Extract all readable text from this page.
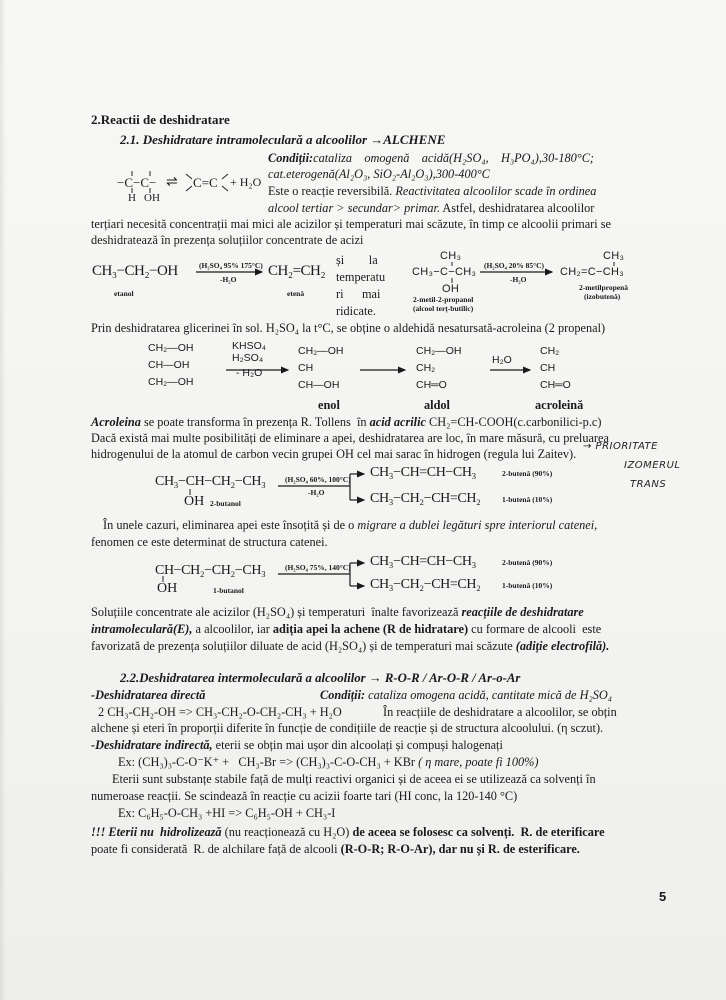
2.Reactii de deshidratare
2.1. Deshidratare intramoleculară a alcoolilor →ALCHENE
−C−C−
H OH
⇌ C=C + H₂O
Condiții:cataliza    omogenă    acidă(H₂SO₄,    H₃PO₄),30-180°C;
cat.eterogenă(Al₂O₃, SiO₂-Al₂O₃),300-400°C
Este o reacție reversibilă. Reactivitatea alcoolilor scade în ordinea
alcool tertiar > secundar> primar. Astfel, deshidratarea alcoolilor
terțiari necesită concentrații mai mici ale acizilor și temperaturi mai scăzute, în timp ce alcoolii primari se
deshidratează în prezența soluțiilor concentrate de acizi
CH₃−CH₂−OH
etanol
(H₂SO₄ 95% 175°C)
-H₂O
CH₂=CH₂
etenă
și        la
temperatu
ri      mai
ridicate.
CH₃
CH₃−C−CH₃
OH
2-metil-2-propanol
(alcool terț-butilic)
(H₂SO₄ 20% 85°C)
-H₂O
CH₃
CH₂=C−CH₃
2-metilpropenă
(izobutenă)
Prin deshidratarea glicerinei în sol. H₂SO₄ la t°C, se obține o aldehidă nesatursată-acroleina (2 propenal)
CH₂—OH
CH—OH
CH₂—OH
KHSO₄
H₂SO₄
- H₂O
CH₂—OH
CH
CH—OH
CH₂—OH
CH₂
CH═O
H₂O
CH₂
CH
CH═O
enol	aldol	acroleină
Acroleina se poate transforma în prezența R. Tollens  în acid acrilic CH₂=CH-COOH(c.carbonilici-p.c)
Dacă există mai multe posibilități de eliminare a apei, deshidratarea are loc, în mare măsură, cu preluarea
hidrogenului de la atomul de carbon vecin grupei OH cel mai sarac în hidrogen (regula lui Zaitev).
→ PRIORITATE
IZOMERUL
TRANS
CH₃−CH−CH₂−CH₃
OH 2-butanol
(H₂SO₄ 60%, 100°C)
-H₂O
CH₃−CH=CH−CH₃	2-butenă (90%)
CH₃−CH₂−CH=CH₂	1-butenă (10%)
În unele cazuri, eliminarea apei este însoțită și de o migrare a dublei legături spre interiorul catenei,
fenomen ce este determinat de structura catenei.
CH−CH₂−CH₂−CH₃
OH	1-butanol
(H₂SO₄ 75%, 140°C) CH₃−CH=CH−CH₃	2-butenă (90%)
CH₃−CH₂−CH=CH₂	1-butenă (10%)
Soluțiile concentrate ale acizilor (H₂SO₄) și temperaturi  înalte favorizează reacțiile de deshidratare
intramoleculară(E), a alcoolilor, iar adiția apei la achene (R de hidratare) cu formare de alcooli  este
favorizată de prezența soluțiilor diluate de acid (H₂SO₄) și de temperaturi mai scăzute (adiție electrofilă).
2.2.Deshidratarea intermoleculară a alcoolilor → R-O-R / Ar-O-R / Ar-o-Ar
-Deshidratarea directă	Condiții: cataliza omogena acidă, cantitate mică de H₂SO₄
2 CH₃-CH₂-OH => CH₃-CH₂-O-CH₂-CH₃ + H₂O	În reacțiile de deshidratare a alcoolilor, se obțin
alchene și eteri în proporții diferite în funcție de condițiile de reacție și de structura alcoolului. (η sczut).
-Deshidratare indirectă, eterii se obțin mai ușor din alcoolați și compuși halogenați
Ex: (CH₃)₃-C-O⁻K⁺ +   CH₃-Br => (CH₃)₃-C-O-CH₃ + KBr ( η mare, poate fi 100%)
Eterii sunt substanțe stabile față de mulți reactivi organici și de aceea ei se utilizează ca solvenți în
numeroase reacții. Se scindează în reacție cu acizii foarte tari (HI conc, la 120-140 °C)
Ex: C₆H₅-O-CH₃ +HI => C₆H₅-OH + CH₃-I
!!! Eterii nu  hidrolizează (nu reacționează cu H₂O) de aceea se folosesc ca solvenți.  R. de eterificare
poate fi considerată  R. de alchilare față de alcooli (R-O-R; R-O-Ar), dar nu și R. de esterificare.
5
